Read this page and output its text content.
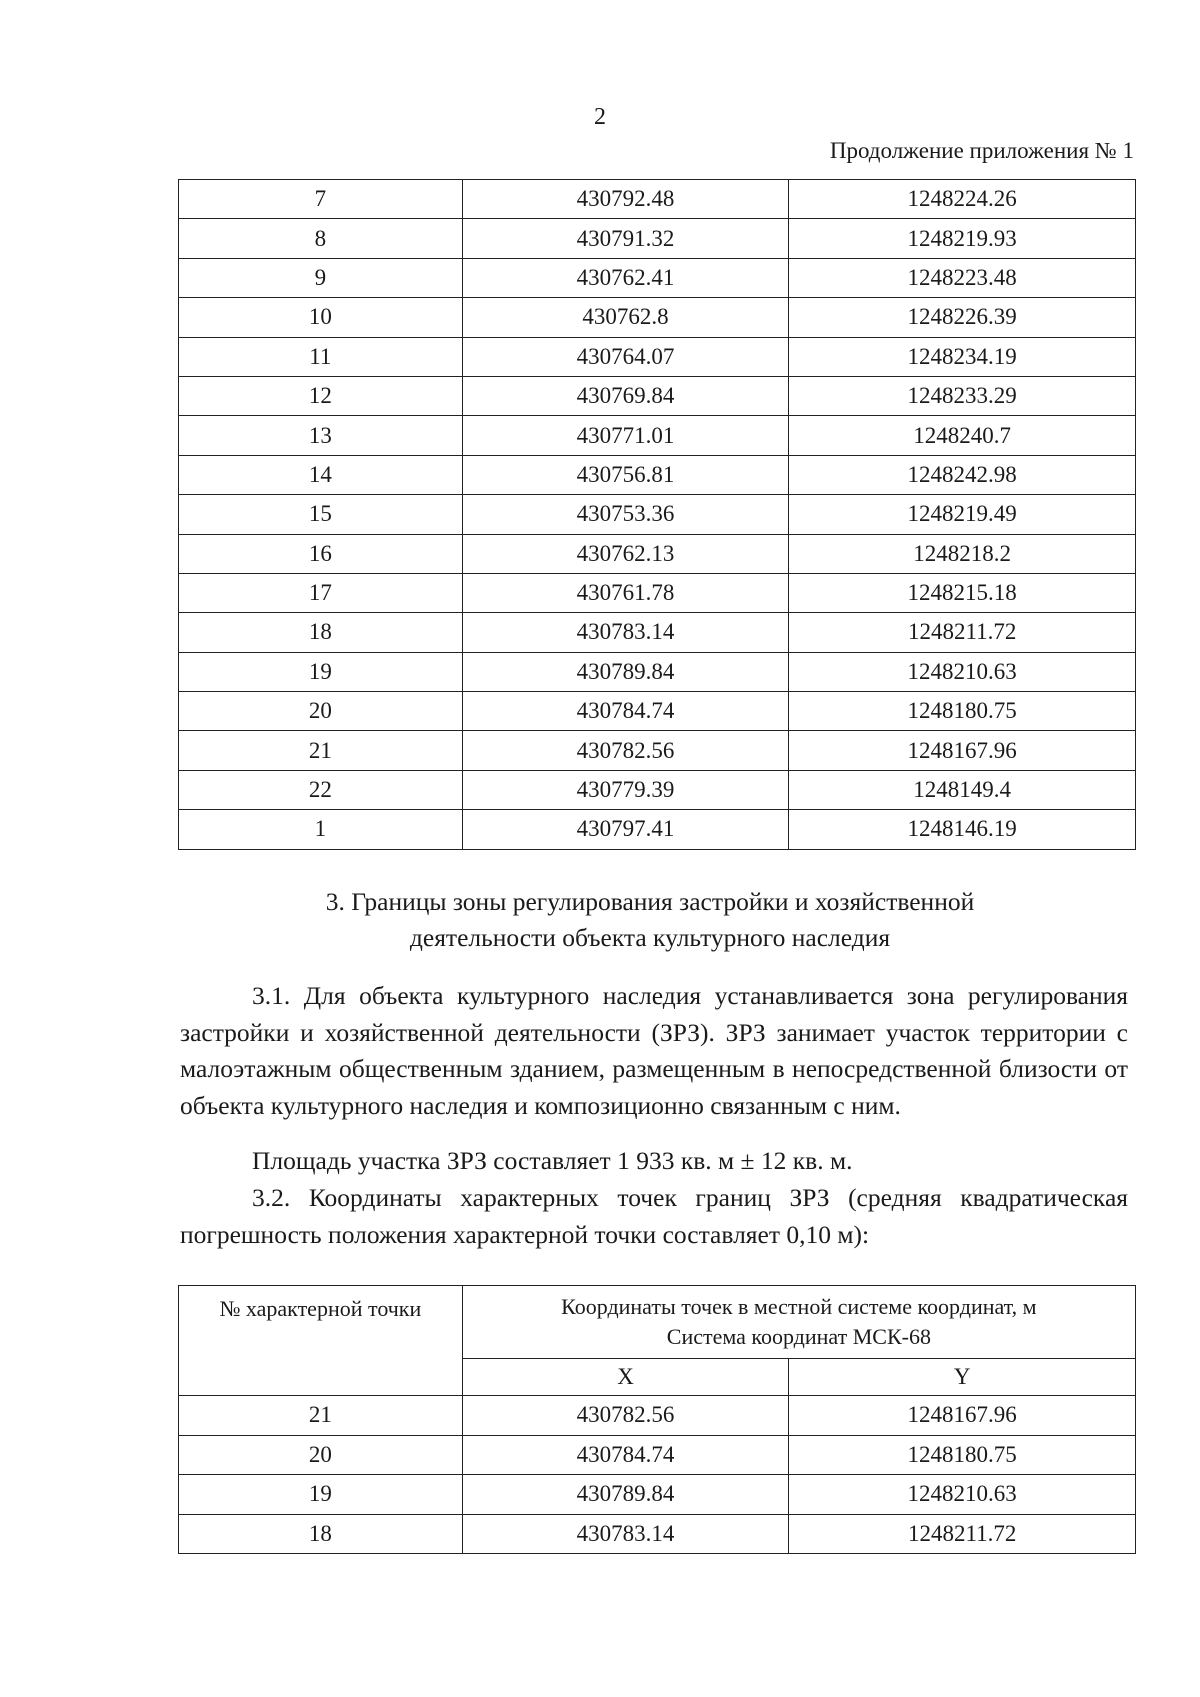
2
Продолжение приложения № 1
7	430792.48	1248224.26
8	430791.32	1248219.93
9	430762.41	1248223.48
10	430762.8	1248226.39
11	430764.07	1248234.19
12	430769.84	1248233.29
13	430771.01	1248240.7
14	430756.81	1248242.98
15	430753.36	1248219.49
16	430762.13	1248218.2
17	430761.78	1248215.18
18	430783.14	1248211.72
19	430789.84	1248210.63
20	430784.74	1248180.75
21	430782.56	1248167.96
22	430779.39	1248149.4
1	430797.41	1248146.19
3. Границы зоны регулирования застройки и хозяйственной
деятельности объекта культурного наследия
3.1. Для объекта культурного наследия устанавливается зона регулирования застройки и хозяйственной деятельности (ЗРЗ). ЗРЗ занимает участок территории с малоэтажным общественным зданием, размещенным в непосредственной близости от объекта культурного наследия и композиционно связанным с ним.
Площадь участка ЗРЗ составляет 1 933 кв. м ± 12 кв. м.
3.2. Координаты характерных точек границ ЗРЗ (средняя квадратическая погрешность положения характерной точки составляет 0,10 м):
№ характерной точки	Координаты точек в местной системе координат, м
Система координат МСК-68	

	X	Y
21	430782.56	1248167.96
20	430784.74	1248180.75
19	430789.84	1248210.63
18	430783.14	1248211.72
